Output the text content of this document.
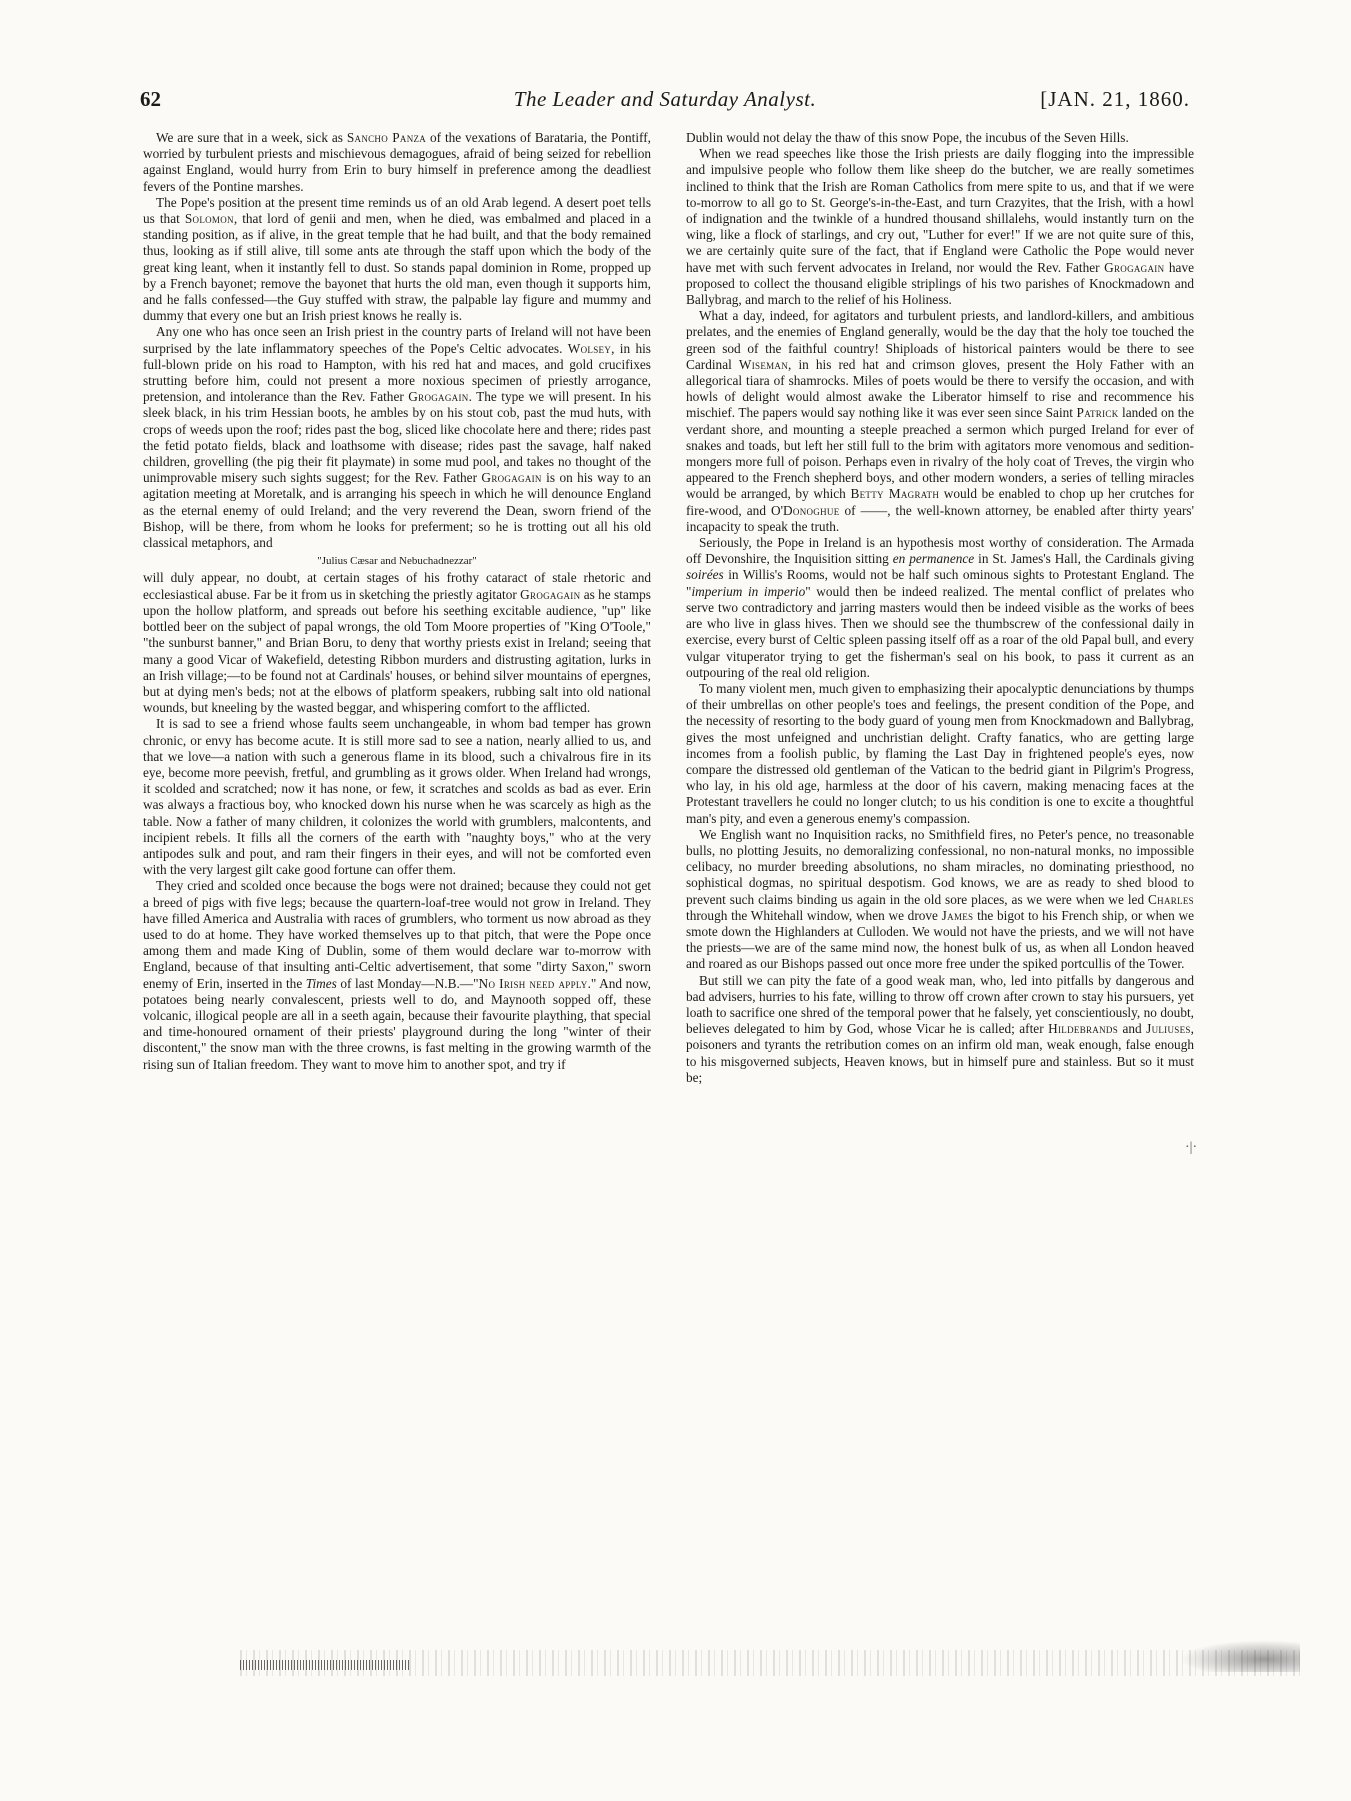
62	The Leader and Saturday Analyst.	[JAN. 21, 1860.

We are sure that in a week, sick as Sancho Panza of the vexations of Barataria, the Pontiff, worried by turbulent priests and mischievous demagogues, afraid of being seized for rebellion against England, would hurry from Erin to bury himself in preference among the deadliest fevers of the Pontine marshes.

The Pope's position at the present time reminds us of an old Arab legend. A desert poet tells us that Solomon, that lord of genii and men, when he died, was embalmed and placed in a standing position, as if alive, in the great temple that he had built, and that the body remained thus, looking as if still alive, till some ants ate through the staff upon which the body of the great king leant, when it instantly fell to dust. So stands papal dominion in Rome, propped up by a French bayonet; remove the bayonet that hurts the old man, even though it supports him, and he falls confessed—the Guy stuffed with straw, the palpable lay figure and mummy and dummy that every one but an Irish priest knows he really is.

Any one who has once seen an Irish priest in the country parts of Ireland will not have been surprised by the late inflammatory speeches of the Pope's Celtic advocates. Wolsey, in his full-blown pride on his road to Hampton, with his red hat and maces, and gold crucifixes strutting before him, could not present a more noxious specimen of priestly arrogance, pretension, and intolerance than the Rev. Father Grogagain. The type we will present. In his sleek black, in his trim Hessian boots, he ambles by on his stout cob, past the mud huts, with crops of weeds upon the roof; rides past the bog, sliced like chocolate here and there; rides past the fetid potato fields, black and loathsome with disease; rides past the savage, half naked children, grovelling (the pig their fit playmate) in some mud pool, and takes no thought of the unimprovable misery such sights suggest; for the Rev. Father Grogagain is on his way to an agitation meeting at Moretalk, and is arranging his speech in which he will denounce England as the eternal enemy of ould Ireland; and the very reverend the Dean, sworn friend of the Bishop, will be there, from whom he looks for preferment; so he is trotting out all his old classical metaphors, and

"Julius Cæsar and Nebuchadnezzar"

will duly appear, no doubt, at certain stages of his frothy cataract of stale rhetoric and ecclesiastical abuse. Far be it from us in sketching the priestly agitator Grogagain as he stamps upon the hollow platform, and spreads out before his seething excitable audience, "up" like bottled beer on the subject of papal wrongs, the old Tom Moore properties of "King O'Toole," "the sunburst banner," and Brian Boru, to deny that worthy priests exist in Ireland; seeing that many a good Vicar of Wakefield, detesting Ribbon murders and distrusting agitation, lurks in an Irish village;—to be found not at Cardinals' houses, or behind silver mountains of epergnes, but at dying men's beds; not at the elbows of platform speakers, rubbing salt into old national wounds, but kneeling by the wasted beggar, and whispering comfort to the afflicted.

It is sad to see a friend whose faults seem unchangeable, in whom bad temper has grown chronic, or envy has become acute. It is still more sad to see a nation, nearly allied to us, and that we love—a nation with such a generous flame in its blood, such a chivalrous fire in its eye, become more peevish, fretful, and grumbling as it grows older. When Ireland had wrongs, it scolded and scratched; now it has none, or few, it scratches and scolds as bad as ever. Erin was always a fractious boy, who knocked down his nurse when he was scarcely as high as the table. Now a father of many children, it colonizes the world with grumblers, malcontents, and incipient rebels. It fills all the corners of the earth with "naughty boys," who at the very antipodes sulk and pout, and ram their fingers in their eyes, and will not be comforted even with the very largest gilt cake good fortune can offer them.

They cried and scolded once because the bogs were not drained; because they could not get a breed of pigs with five legs; because the quartern-loaf-tree would not grow in Ireland. They have filled America and Australia with races of grumblers, who torment us now abroad as they used to do at home. They have worked themselves up to that pitch, that were the Pope once among them and made King of Dublin, some of them would declare war to-morrow with England, because of that insulting anti-Celtic advertisement, that some "dirty Saxon," sworn enemy of Erin, inserted in the Times of last Monday—N.B.—"No Irish need apply." And now, potatoes being nearly convalescent, priests well to do, and Maynooth sopped off, these volcanic, illogical people are all in a seeth again, because their favourite plaything, that special and time-honoured ornament of their priests' playground during the long "winter of their discontent," the snow man with the three crowns, is fast melting in the growing warmth of the rising sun of Italian freedom. They want to move him to another spot, and try if

Dublin would not delay the thaw of this snow Pope, the incubus of the Seven Hills.

When we read speeches like those the Irish priests are daily flogging into the impressible and impulsive people who follow them like sheep do the butcher, we are really sometimes inclined to think that the Irish are Roman Catholics from mere spite to us, and that if we were to-morrow to all go to St. George's-in-the-East, and turn Crazyites, that the Irish, with a howl of indignation and the twinkle of a hundred thousand shillalehs, would instantly turn on the wing, like a flock of starlings, and cry out, "Luther for ever!" If we are not quite sure of this, we are certainly quite sure of the fact, that if England were Catholic the Pope would never have met with such fervent advocates in Ireland, nor would the Rev. Father Grogagain have proposed to collect the thousand eligible striplings of his two parishes of Knockmadown and Ballybrag, and march to the relief of his Holiness.

What a day, indeed, for agitators and turbulent priests, and landlord-killers, and ambitious prelates, and the enemies of England generally, would be the day that the holy toe touched the green sod of the faithful country! Shiploads of historical painters would be there to see Cardinal Wiseman, in his red hat and crimson gloves, present the Holy Father with an allegorical tiara of shamrocks. Miles of poets would be there to versify the occasion, and with howls of delight would almost awake the Liberator himself to rise and recommence his mischief. The papers would say nothing like it was ever seen since Saint Patrick landed on the verdant shore, and mounting a steeple preached a sermon which purged Ireland for ever of snakes and toads, but left her still full to the brim with agitators more venomous and sedition-mongers more full of poison. Perhaps even in rivalry of the holy coat of Treves, the virgin who appeared to the French shepherd boys, and other modern wonders, a series of telling miracles would be arranged, by which Betty Magrath would be enabled to chop up her crutches for fire-wood, and O'Donoghue of ——, the well-known attorney, be enabled after thirty years' incapacity to speak the truth.

Seriously, the Pope in Ireland is an hypothesis most worthy of consideration. The Armada off Devonshire, the Inquisition sitting en permanence in St. James's Hall, the Cardinals giving soirées in Willis's Rooms, would not be half such ominous sights to Protestant England. The "imperium in imperio" would then be indeed realized. The mental conflict of prelates who serve two contradictory and jarring masters would then be indeed visible as the works of bees are who live in glass hives. Then we should see the thumbscrew of the confessional daily in exercise, every burst of Celtic spleen passing itself off as a roar of the old Papal bull, and every vulgar vituperator trying to get the fisherman's seal on his book, to pass it current as an outpouring of the real old religion.

To many violent men, much given to emphasizing their apocalyptic denunciations by thumps of their umbrellas on other people's toes and feelings, the present condition of the Pope, and the necessity of resorting to the body guard of young men from Knockmadown and Ballybrag, gives the most unfeigned and unchristian delight. Crafty fanatics, who are getting large incomes from a foolish public, by flaming the Last Day in frightened people's eyes, now compare the distressed old gentleman of the Vatican to the bedrid giant in Pilgrim's Progress, who lay, in his old age, harmless at the door of his cavern, making menacing faces at the Protestant travellers he could no longer clutch; to us his condition is one to excite a thoughtful man's pity, and even a generous enemy's compassion.

We English want no Inquisition racks, no Smithfield fires, no Peter's pence, no treasonable bulls, no plotting Jesuits, no demoralizing confessional, no non-natural monks, no impossible celibacy, no murder breeding absolutions, no sham miracles, no dominating priesthood, no sophistical dogmas, no spiritual despotism. God knows, we are as ready to shed blood to prevent such claims binding us again in the old sore places, as we were when we led Charles through the Whitehall window, when we drove James the bigot to his French ship, or when we smote down the Highlanders at Culloden. We would not have the priests, and we will not have the priests—we are of the same mind now, the honest bulk of us, as when all London heaved and roared as our Bishops passed out once more free under the spiked portcullis of the Tower.

But still we can pity the fate of a good weak man, who, led into pitfalls by dangerous and bad advisers, hurries to his fate, willing to throw off crown after crown to stay his pursuers, yet loath to sacrifice one shred of the temporal power that he falsely, yet conscientiously, no doubt, believes delegated to him by God, whose Vicar he is called; after Hildebrands and Juliuses, poisoners and tyrants the retribution comes on an infirm old man, weak enough, false enough to his misgoverned subjects, Heaven knows, but in himself pure and stainless. But so it must be;

·|·
